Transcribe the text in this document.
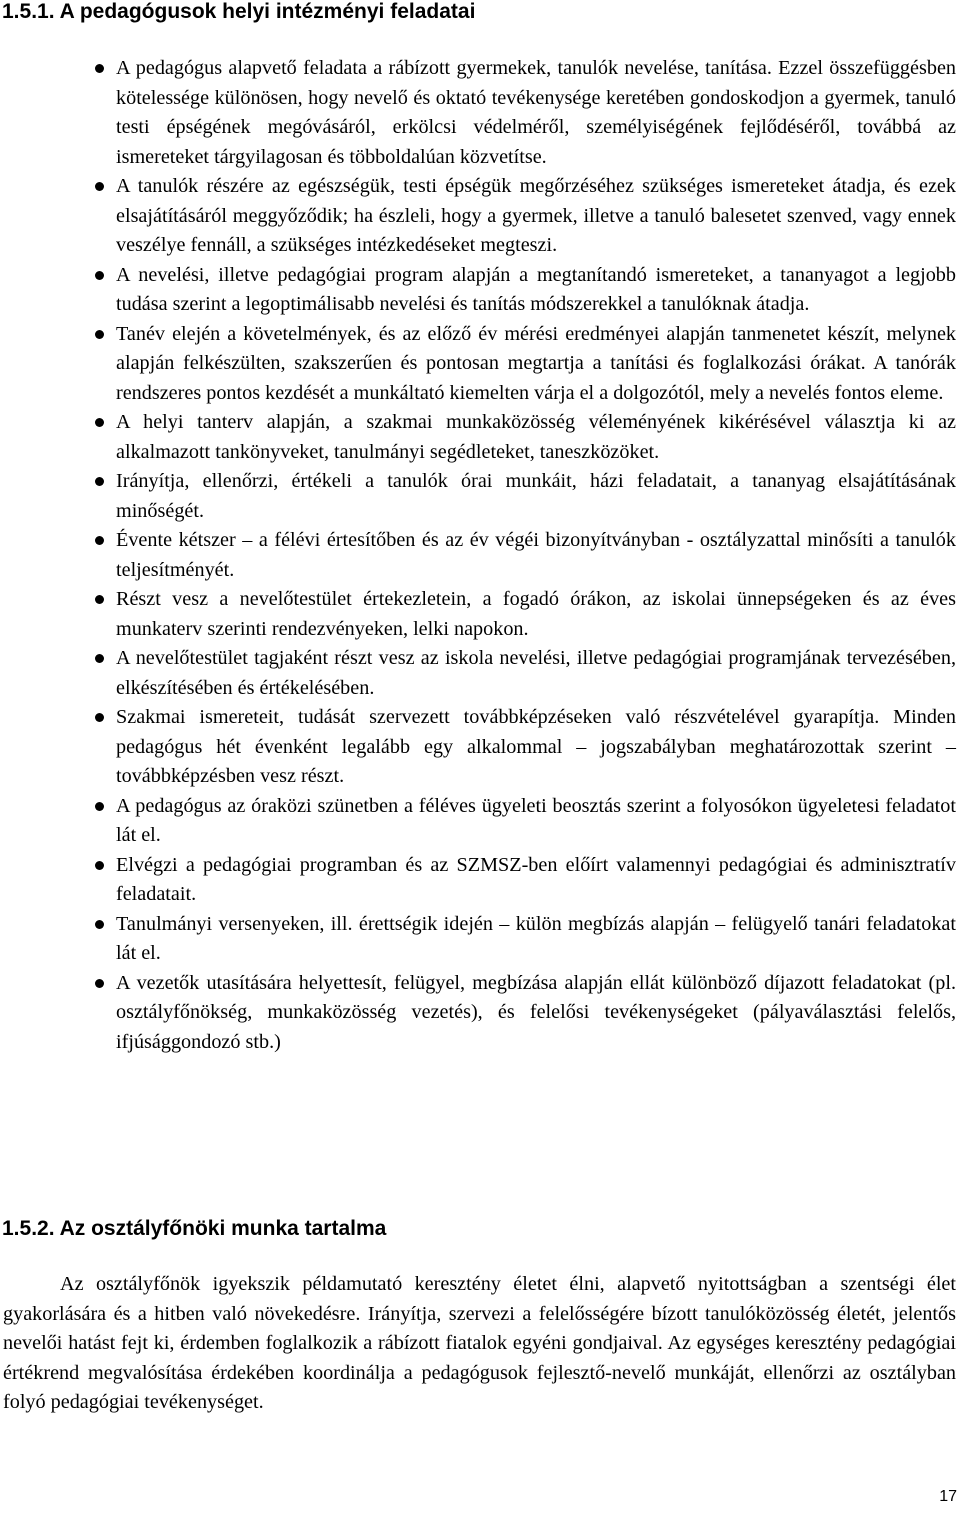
1.5.1. A pedagógusok helyi intézményi feladatai
A pedagógus alapvető feladata a rábízott gyermekek, tanulók nevelése, tanítása. Ezzel összefüggésben kötelessége különösen, hogy nevelő és oktató tevékenysége keretében gondoskodjon a gyermek, tanuló testi épségének megóvásáról, erkölcsi védelméről, személyiségének fejlődéséről, továbbá az ismereteket tárgyilagosan és többoldalúan közvetítse.
A tanulók részére az egészségük, testi épségük megőrzéséhez szükséges ismereteket átadja, és ezek elsajátításáról meggyőződik; ha észleli, hogy a gyermek, illetve a tanuló balesetet szenved, vagy ennek veszélye fennáll, a szükséges intézkedéseket megteszi.
A nevelési, illetve pedagógiai program alapján a megtanítandó ismereteket, a tananyagot a legjobb tudása szerint a legoptimálisabb nevelési és tanítás módszerekkel a tanulóknak átadja.
Tanév elején a követelmények, és az előző év mérési eredményei alapján tanmenetet készít, melynek alapján felkészülten, szakszerűen és pontosan megtartja a tanítási és foglalkozási órákat. A tanórák rendszeres pontos kezdését a munkáltató kiemelten várja el a dolgozótól, mely a nevelés fontos eleme.
A helyi tanterv alapján, a szakmai munkaközösség véleményének kikérésével választja ki az alkalmazott tankönyveket, tanulmányi segédleteket, taneszközöket.
Irányítja, ellenőrzi, értékeli a tanulók órai munkáit, házi feladatait, a tananyag elsajátításának minőségét.
Évente kétszer – a félévi értesítőben és az év végéi bizonyítványban - osztályzattal minősíti a tanulók teljesítményét.
Részt vesz a nevelőtestület értekezletein, a fogadó órákon, az iskolai ünnepségeken és az éves munkaterv szerinti rendezvényeken, lelki napokon.
A nevelőtestület tagjaként részt vesz az iskola nevelési, illetve pedagógiai programjának tervezésében, elkészítésében és értékelésében.
Szakmai ismereteit, tudását szervezett továbbképzéseken való részvételével gyarapítja. Minden pedagógus hét évenként legalább egy alkalommal – jogszabályban meghatározottak szerint – továbbképzésben vesz részt.
A pedagógus az óraközi szünetben a féléves ügyeleti beosztás szerint a folyosókon ügyeletesi feladatot lát el.
Elvégzi a pedagógiai programban és az SZMSZ-ben előírt valamennyi pedagógiai és adminisztratív feladatait.
Tanulmányi versenyeken, ill. érettségik idején – külön megbízás alapján – felügyelő tanári feladatokat lát el.
A vezetők utasítására helyettesít, felügyel, megbízása alapján ellát különböző díjazott feladatokat (pl. osztályfőnökség, munkaközösség vezetés), és felelősi tevékenységeket (pályaválasztási felelős, ifjúsággondozó stb.)
1.5.2. Az osztályfőnöki munka tartalma

Az osztályfőnök igyekszik példamutató keresztény életet élni, alapvető nyitottságban a szentségi élet gyakorlására és a hitben való növekedésre. Irányítja, szervezi a felelősségére bízott tanulóközösség életét, jelentős nevelői hatást fejt ki, érdemben foglalkozik a rábízott fiatalok egyéni gondjaival. Az egységes keresztény pedagógiai értékrend megvalósítása érdekében koordinálja a pedagógusok fejlesztő-nevelő munkáját, ellenőrzi az osztályban folyó pedagógiai tevékenységet.

17
